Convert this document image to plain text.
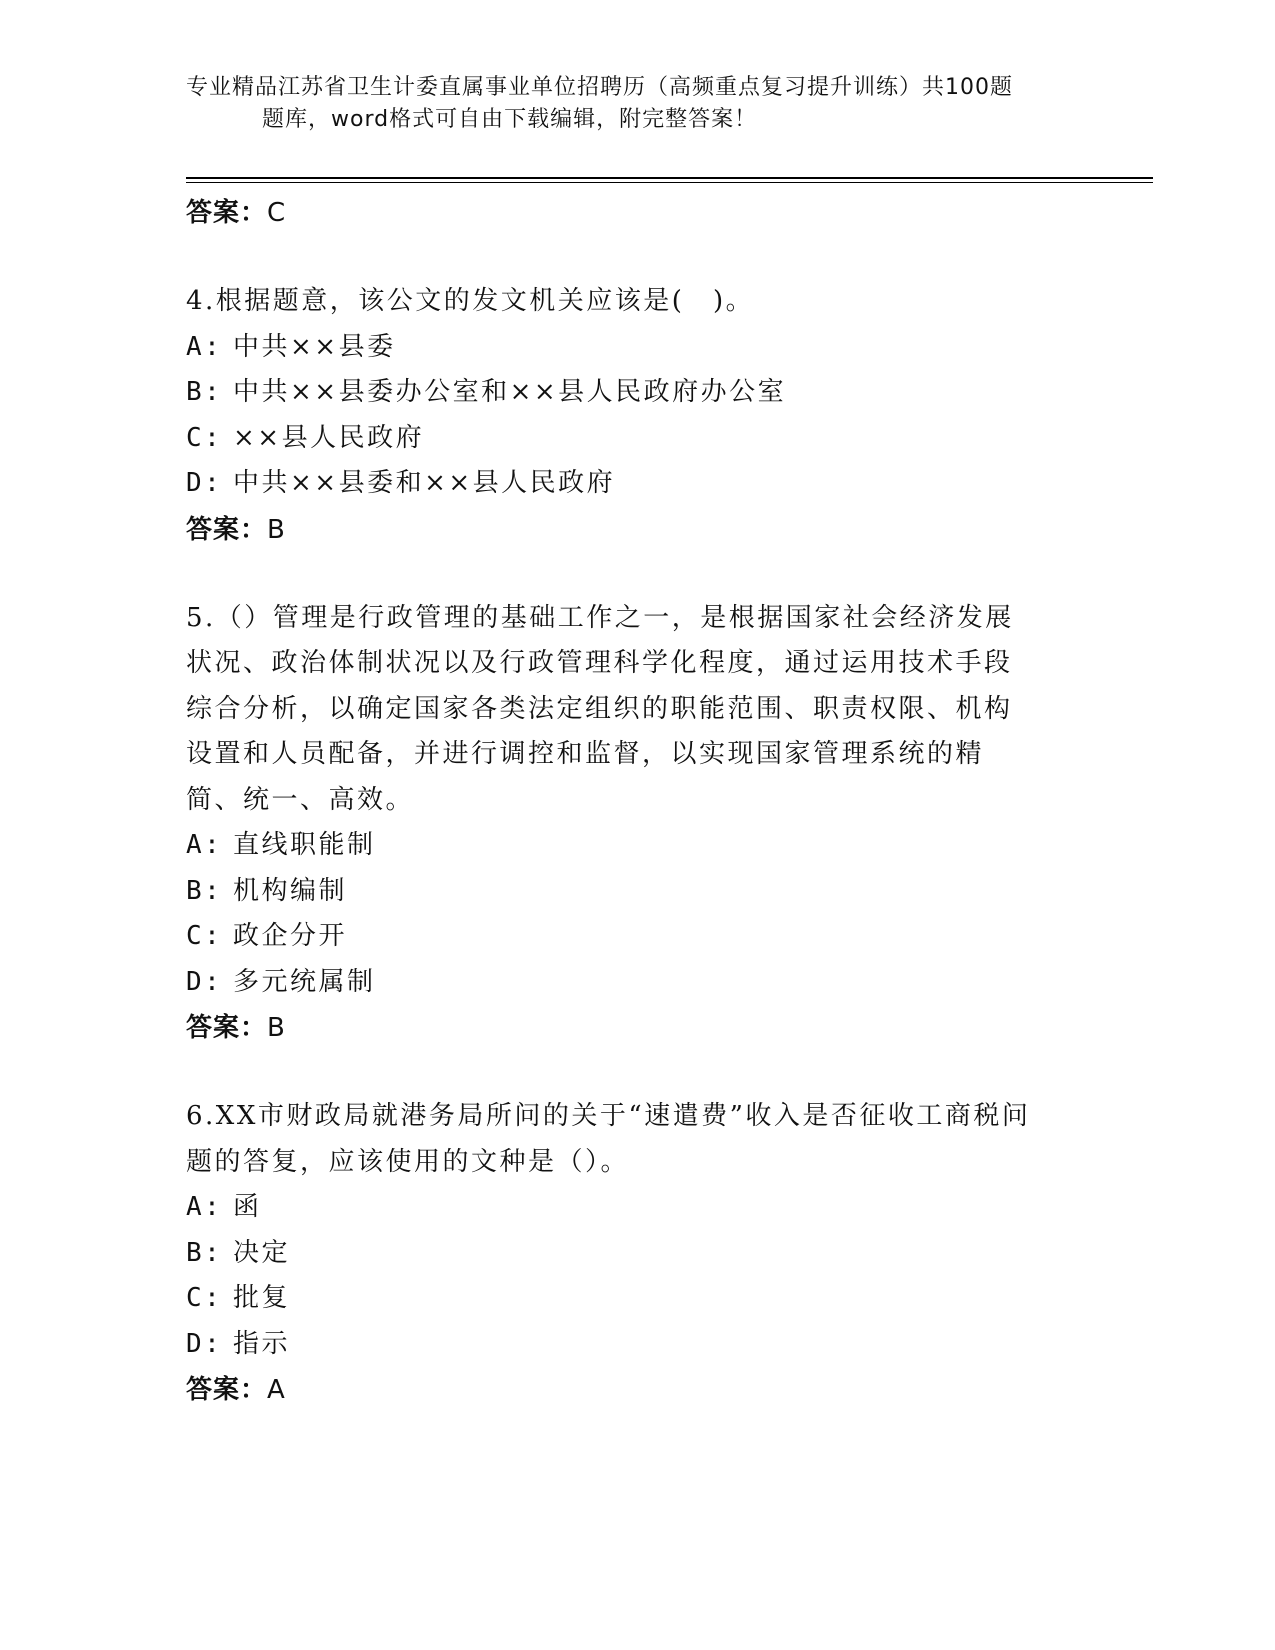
专业精品江苏省卫生计委直属事业单位招聘历（高频重点复习提升训练）共100题
题库，word格式可自由下载编辑，附完整答案！
答案：C
4.根据题意，该公文的发文机关应该是(　)。
A: 中共××县委
B: 中共××县委办公室和××县人民政府办公室
C: ××县人民政府
D: 中共××县委和××县人民政府
答案：B
5.（）管理是行政管理的基础工作之一，是根据国家社会经济发展状况、政治体制状况以及行政管理科学化程度，通过运用技术手段综合分析，以确定国家各类法定组织的职能范围、职责权限、机构设置和人员配备，并进行调控和监督，以实现国家管理系统的精简、统一、高效。
A: 直线职能制
B: 机构编制
C: 政企分开
D: 多元统属制
答案：B
6.XX市财政局就港务局所问的关于“速遣费”收入是否征收工商税问题的答复，应该使用的文种是（）。
A: 函
B: 决定
C: 批复
D: 指示
答案：A
